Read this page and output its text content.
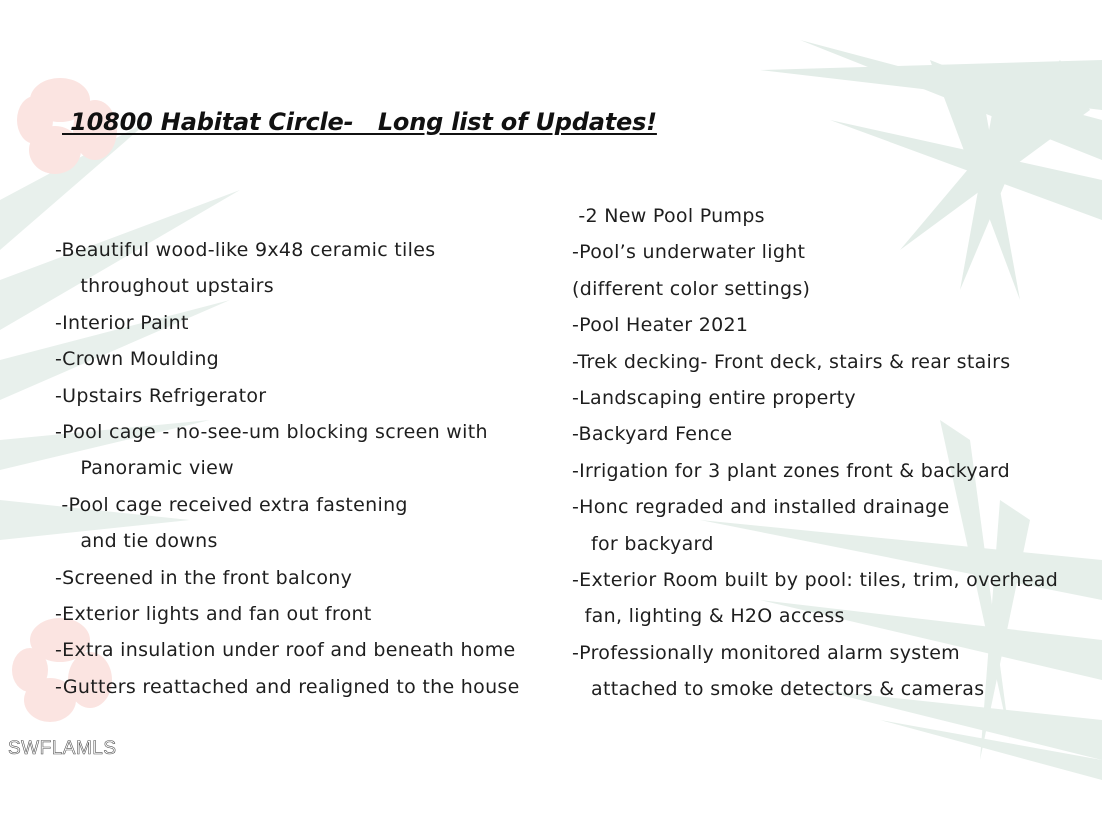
10800 Habitat Circle-   Long list of Updates!
-Beautiful wood-like 9x48 ceramic tiles
throughout upstairs
-Interior Paint
-Crown Moulding
-Upstairs Refrigerator
-Pool cage - no-see-um blocking screen with
Panoramic view
-Pool cage received extra fastening
and tie downs
-Screened in the front balcony
-Exterior lights and fan out front
-Extra insulation under roof and beneath home
-Gutters reattached and realigned to the house
-2 New Pool Pumps
-Pool’s underwater light
(different color settings)
-Pool Heater 2021
-Trek decking- Front deck, stairs & rear stairs
-Landscaping entire property
-Backyard Fence
-Irrigation for 3 plant zones front & backyard
-Honc regraded and installed drainage
for backyard
-Exterior Room built by pool: tiles, trim, overhead
fan, lighting & H2O access
-Professionally monitored alarm system
attached to smoke detectors & cameras
SWFLAMLS
